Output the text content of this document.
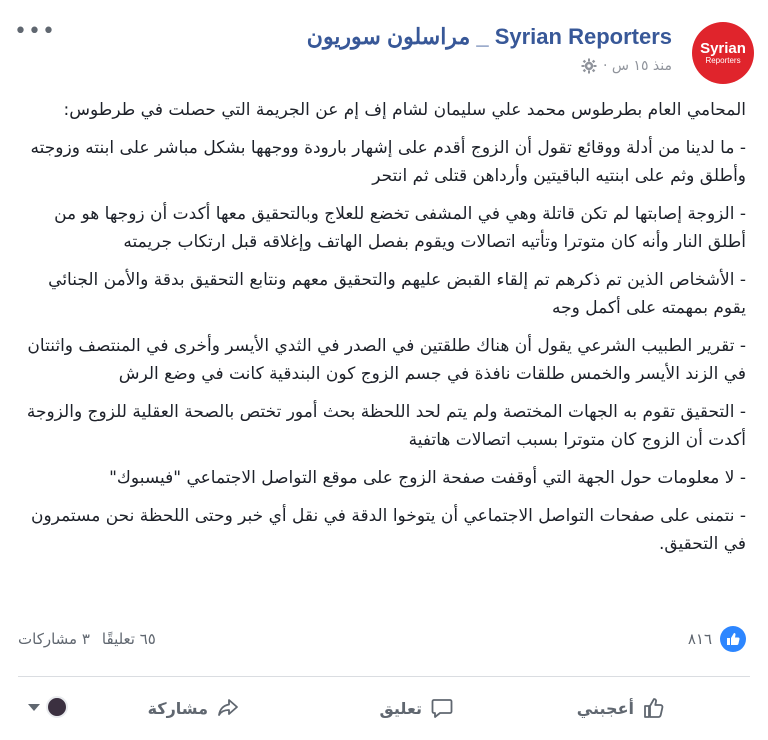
Syrian
Reporters
Syrian Reporters _ مراسلون سوريون
منذ ١٥ س ·
•••

المحامي العام بطرطوس محمد علي سليمان لشام إف إم عن الجريمة التي حصلت في طرطوس:

- ما لدينا من أدلة ووقائع تقول أن الزوج أقدم على إشهار بارودة ووجهها بشكل مباشر على ابنته وزوجته وأطلق وثم على ابنتيه الباقيتين وأرداهن قتلى ثم انتحر

- الزوجة إصابتها لم تكن قاتلة وهي في المشفى تخضع للعلاج وبالتحقيق معها أكدت أن زوجها هو من أطلق النار وأنه كان متوترا وتأتيه اتصالات ويقوم بفصل الهاتف وإغلاقه قبل ارتكاب جريمته

- الأشخاص الذين تم ذكرهم تم إلقاء القبض عليهم والتحقيق معهم ونتابع التحقيق بدقة والأمن الجنائي يقوم بمهمته على أكمل وجه

- تقرير الطبيب الشرعي يقول أن هناك طلقتين في الصدر في الثدي الأيسر وأخرى في المنتصف واثنتان في الزند الأيسر والخمس طلقات نافذة في جسم الزوج كون البندقية كانت في وضع الرش

- التحقيق تقوم به الجهات المختصة ولم يتم لحد اللحظة بحث أمور تختص بالصحة العقلية للزوج والزوجة أكدت أن الزوج كان متوترا بسبب اتصالات هاتفية

- لا معلومات حول الجهة التي أوقفت صفحة الزوج على موقع التواصل الاجتماعي "فيسبوك"

- نتمنى على صفحات التواصل الاجتماعي أن يتوخوا الدقة في نقل أي خبر وحتى اللحظة نحن مستمرون في التحقيق.

٨١٦
٦٥ تعليقًا
٣ مشاركات
أعجبني
تعليق
مشاركة
